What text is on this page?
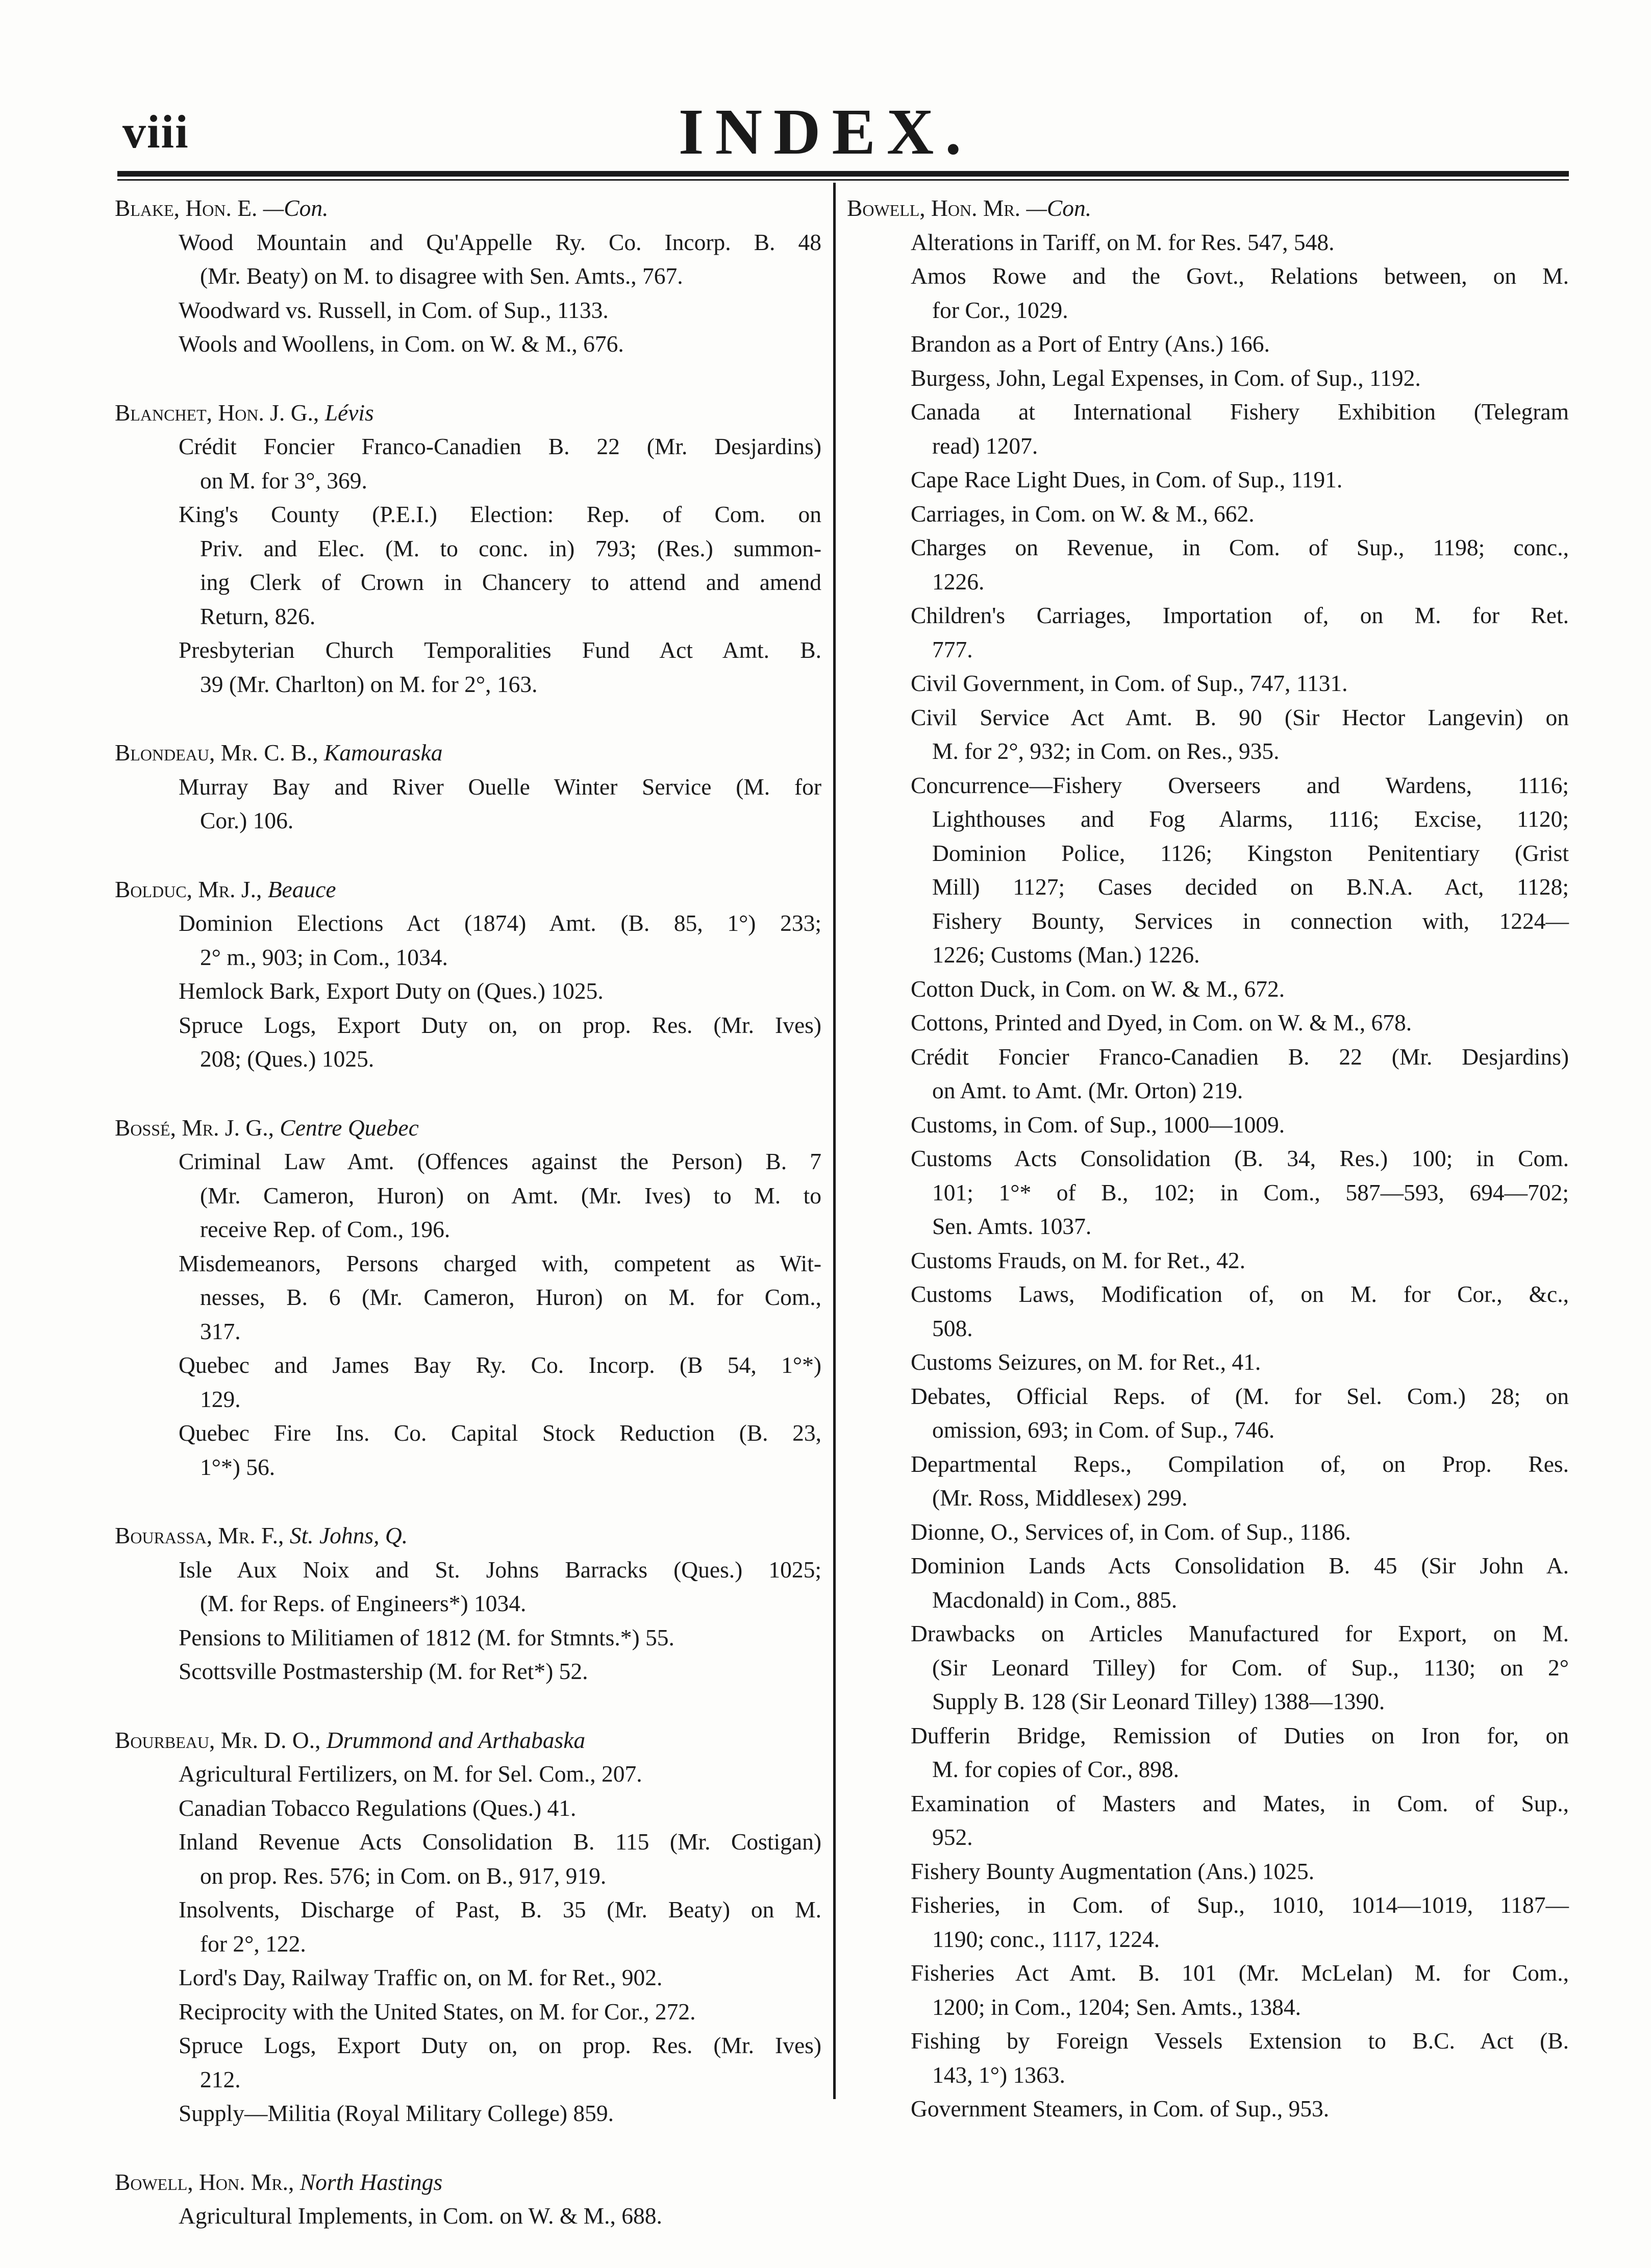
viii	INDEX.
Blake, Hon. E. —Con.
Wood Mountain and Qu'Appelle Ry. Co. Incorp. B. 48
(Mr. Beaty) on M. to disagree with Sen. Amts., 767.
Woodward vs. Russell, in Com. of Sup., 1133.
Wools and Woollens, in Com. on W. & M., 676.
Blanchet, Hon. J. G., Lévis
Crédit Foncier Franco-Canadien B. 22 (Mr. Desjardins)
on M. for 3°, 369.
King's County (P.E.I.) Election: Rep. of Com. on
Priv. and Elec. (M. to conc. in) 793; (Res.) summon-
ing Clerk of Crown in Chancery to attend and amend
Return, 826.
Presbyterian Church Temporalities Fund Act Amt. B.
39 (Mr. Charlton) on M. for 2°, 163.
Blondeau, Mr. C. B., Kamouraska
Murray Bay and River Ouelle Winter Service (M. for
Cor.) 106.
Bolduc, Mr. J., Beauce
Dominion Elections Act (1874) Amt. (B. 85, 1°) 233;
2° m., 903; in Com., 1034.
Hemlock Bark, Export Duty on (Ques.) 1025.
Spruce Logs, Export Duty on, on prop. Res. (Mr. Ives)
208; (Ques.) 1025.
Bossé, Mr. J. G., Centre Quebec
Criminal Law Amt. (Offences against the Person) B. 7
(Mr. Cameron, Huron) on Amt. (Mr. Ives) to M. to
receive Rep. of Com., 196.
Misdemeanors, Persons charged with, competent as Wit-
nesses, B. 6 (Mr. Cameron, Huron) on M. for Com.,
317.
Quebec and James Bay Ry. Co. Incorp. (B 54, 1°*)
129.
Quebec Fire Ins. Co. Capital Stock Reduction (B. 23,
1°*) 56.
Bourassa, Mr. F., St. Johns, Q.
Isle Aux Noix and St. Johns Barracks (Ques.) 1025;
(M. for Reps. of Engineers*) 1034.
Pensions to Militiamen of 1812 (M. for Stmnts.*) 55.
Scottsville Postmastership (M. for Ret*) 52.
Bourbeau, Mr. D. O., Drummond and Arthabaska
Agricultural Fertilizers, on M. for Sel. Com., 207.
Canadian Tobacco Regulations (Ques.) 41.
Inland Revenue Acts Consolidation B. 115 (Mr. Costigan)
on prop. Res. 576; in Com. on B., 917, 919.
Insolvents, Discharge of Past, B. 35 (Mr. Beaty) on M.
for 2°, 122.
Lord's Day, Railway Traffic on, on M. for Ret., 902.
Reciprocity with the United States, on M. for Cor., 272.
Spruce Logs, Export Duty on, on prop. Res. (Mr. Ives)
212.
Supply—Militia (Royal Military College) 859.
Bowell, Hon. Mr., North Hastings
Agricultural Implements, in Com. on W. & M., 688.
Bowell, Hon. Mr. —Con.
Alterations in Tariff, on M. for Res. 547, 548.
Amos Rowe and the Govt., Relations between, on M.
for Cor., 1029.
Brandon as a Port of Entry (Ans.) 166.
Burgess, John, Legal Expenses, in Com. of Sup., 1192.
Canada at International Fishery Exhibition (Telegram
read) 1207.
Cape Race Light Dues, in Com. of Sup., 1191.
Carriages, in Com. on W. & M., 662.
Charges on Revenue, in Com. of Sup., 1198; conc.,
1226.
Children's Carriages, Importation of, on M. for Ret.
777.
Civil Government, in Com. of Sup., 747, 1131.
Civil Service Act Amt. B. 90 (Sir Hector Langevin) on
M. for 2°, 932; in Com. on Res., 935.
Concurrence—Fishery Overseers and Wardens, 1116;
Lighthouses and Fog Alarms, 1116; Excise, 1120;
Dominion Police, 1126; Kingston Penitentiary (Grist
Mill) 1127; Cases decided on B.N.A. Act, 1128;
Fishery Bounty, Services in connection with, 1224—
1226; Customs (Man.) 1226.
Cotton Duck, in Com. on W. & M., 672.
Cottons, Printed and Dyed, in Com. on W. & M., 678.
Crédit Foncier Franco-Canadien B. 22 (Mr. Desjardins)
on Amt. to Amt. (Mr. Orton) 219.
Customs, in Com. of Sup., 1000—1009.
Customs Acts Consolidation (B. 34, Res.) 100; in Com.
101; 1°* of B., 102; in Com., 587—593, 694—702;
Sen. Amts. 1037.
Customs Frauds, on M. for Ret., 42.
Customs Laws, Modification of, on M. for Cor., &c.,
508.
Customs Seizures, on M. for Ret., 41.
Debates, Official Reps. of (M. for Sel. Com.) 28; on
omission, 693; in Com. of Sup., 746.
Departmental Reps., Compilation of, on Prop. Res.
(Mr. Ross, Middlesex) 299.
Dionne, O., Services of, in Com. of Sup., 1186.
Dominion Lands Acts Consolidation B. 45 (Sir John A.
Macdonald) in Com., 885.
Drawbacks on Articles Manufactured for Export, on M.
(Sir Leonard Tilley) for Com. of Sup., 1130; on 2°
Supply B. 128 (Sir Leonard Tilley) 1388—1390.
Dufferin Bridge, Remission of Duties on Iron for, on
M. for copies of Cor., 898.
Examination of Masters and Mates, in Com. of Sup.,
952.
Fishery Bounty Augmentation (Ans.) 1025.
Fisheries, in Com. of Sup., 1010, 1014—1019, 1187—
1190; conc., 1117, 1224.
Fisheries Act Amt. B. 101 (Mr. McLelan) M. for Com.,
1200; in Com., 1204; Sen. Amts., 1384.
Fishing by Foreign Vessels Extension to B.C. Act (B.
143, 1°) 1363.
Government Steamers, in Com. of Sup., 953.
